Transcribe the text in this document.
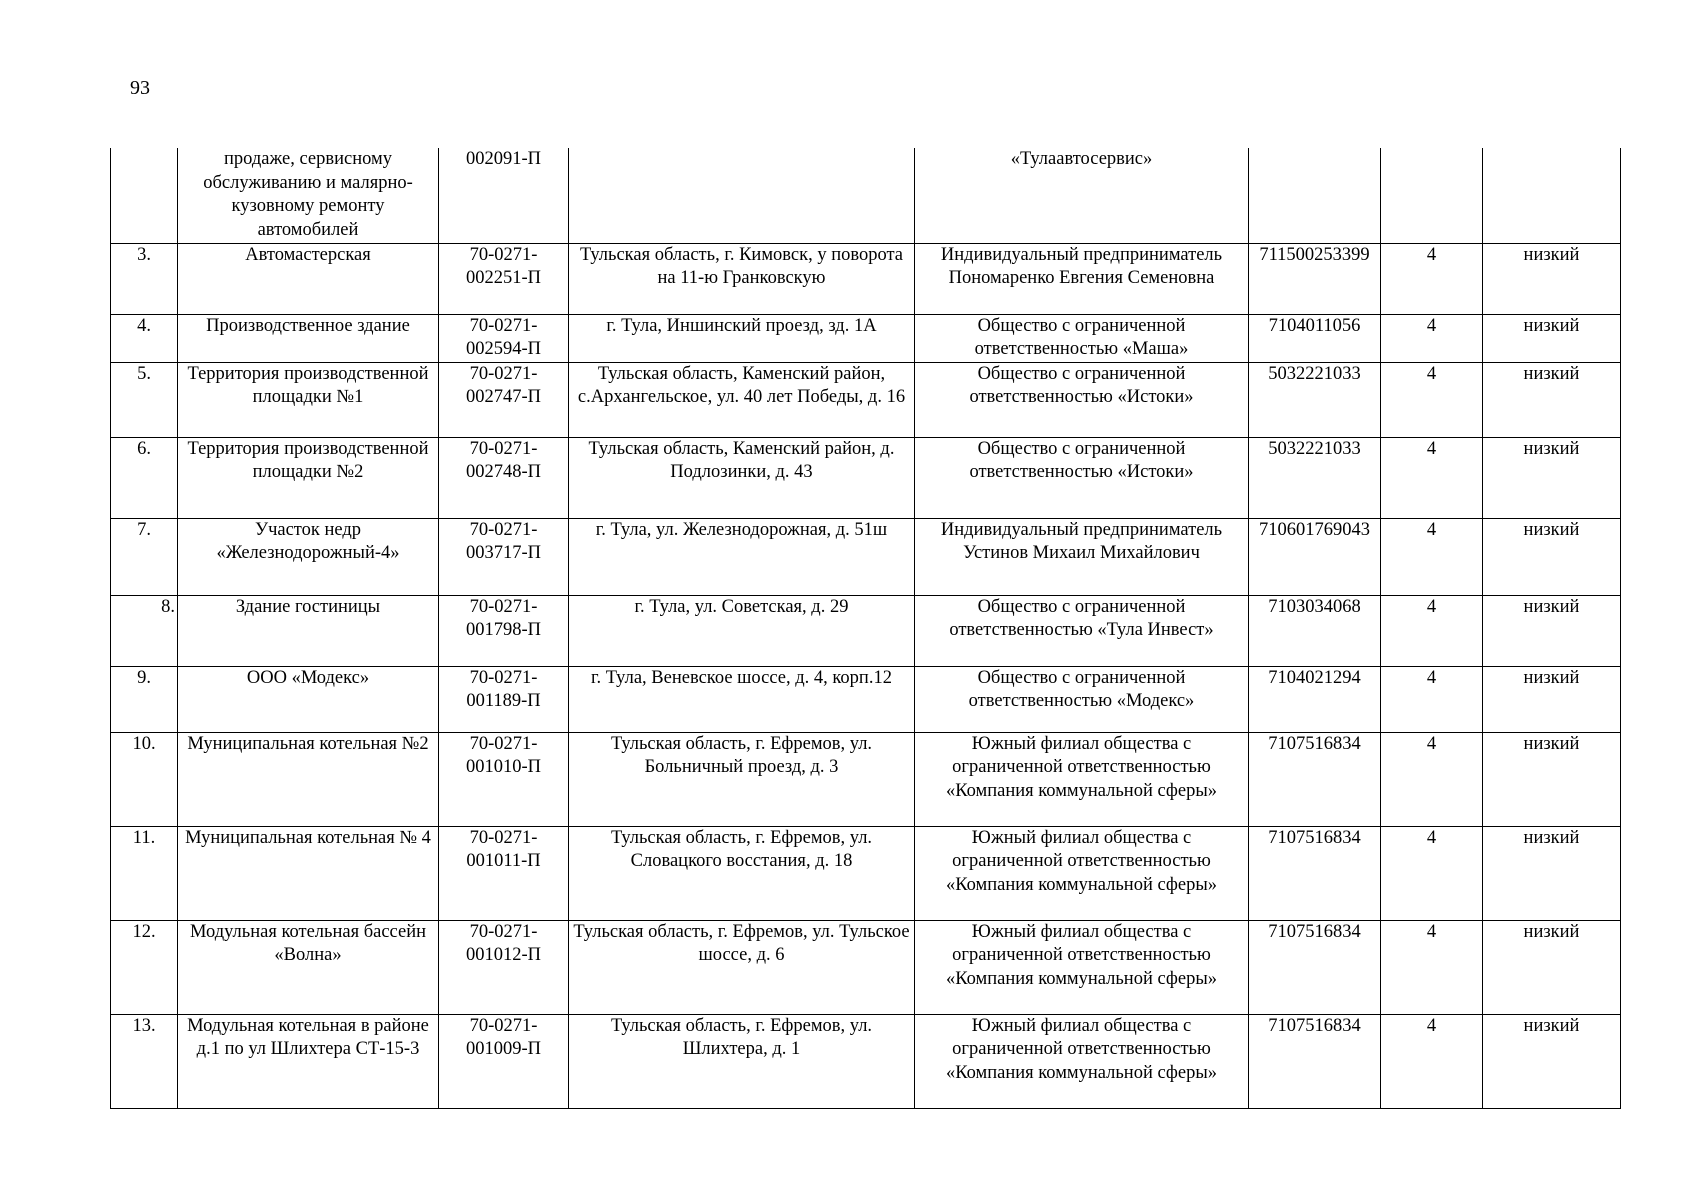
93
	продаже, сервисному обслуживанию и малярно-кузовному ремонту автомобилей	002091-П		«Тулаавтосервис»			
3.	Автомастерская	70-0271-002251-П	Тульская область, г. Кимовск, у поворота на 11-ю Гранковскую	Индивидуальный предприниматель Пономаренко Евгения Семеновна	711500253399	4	низкий
4.	Производственное здание	70-0271-002594-П	г. Тула, Иншинский проезд, зд. 1А	Общество с ограниченной ответственностью «Маша»	7104011056	4	низкий
5.	Территория производственной площадки №1	70-0271-002747-П	Тульская область, Каменский район, с.Архангельское, ул. 40 лет Победы, д. 16	Общество с ограниченной ответственностью «Истоки»	5032221033	4	низкий
6.	Территория производственной площадки №2	70-0271-002748-П	Тульская область, Каменский район, д. Подлозинки, д. 43	Общество с ограниченной ответственностью «Истоки»	5032221033	4	низкий
7.	Участок недр «Железнодорожный-4»	70-0271-003717-П	г. Тула, ул. Железнодорожная, д. 51ш	Индивидуальный предприниматель Устинов Михаил Михайлович	710601769043	4	низкий
8.	Здание гостиницы	70-0271-001798-П	г. Тула, ул. Советская, д. 29	Общество с ограниченной ответственностью «Тула Инвест»	7103034068	4	низкий
9.	ООО «Модекс»	70-0271-001189-П	г. Тула, Веневское шоссе, д. 4, корп.12	Общество с ограниченной ответственностью «Модекс»	7104021294	4	низкий
10.	Муниципальная котельная №2	70-0271-001010-П	Тульская область, г. Ефремов, ул. Больничный проезд, д. 3	Южный филиал общества с ограниченной ответственностью «Компания коммунальной сферы»	7107516834	4	низкий
11.	Муниципальная котельная № 4	70-0271-001011-П	Тульская область, г. Ефремов, ул. Словацкого восстания, д. 18	Южный филиал общества с ограниченной ответственностью «Компания коммунальной сферы»	7107516834	4	низкий
12.	Модульная котельная бассейн «Волна»	70-0271-001012-П	Тульская область, г. Ефремов, ул. Тульское шоссе, д. 6	Южный филиал общества с ограниченной ответственностью «Компания коммунальной сферы»	7107516834	4	низкий
13.	Модульная котельная в районе д.1 по ул Шлихтера СТ-15-3	70-0271-001009-П	Тульская область, г. Ефремов, ул. Шлихтера, д. 1	Южный филиал общества с ограниченной ответственностью «Компания коммунальной сферы»	7107516834	4	низкий
